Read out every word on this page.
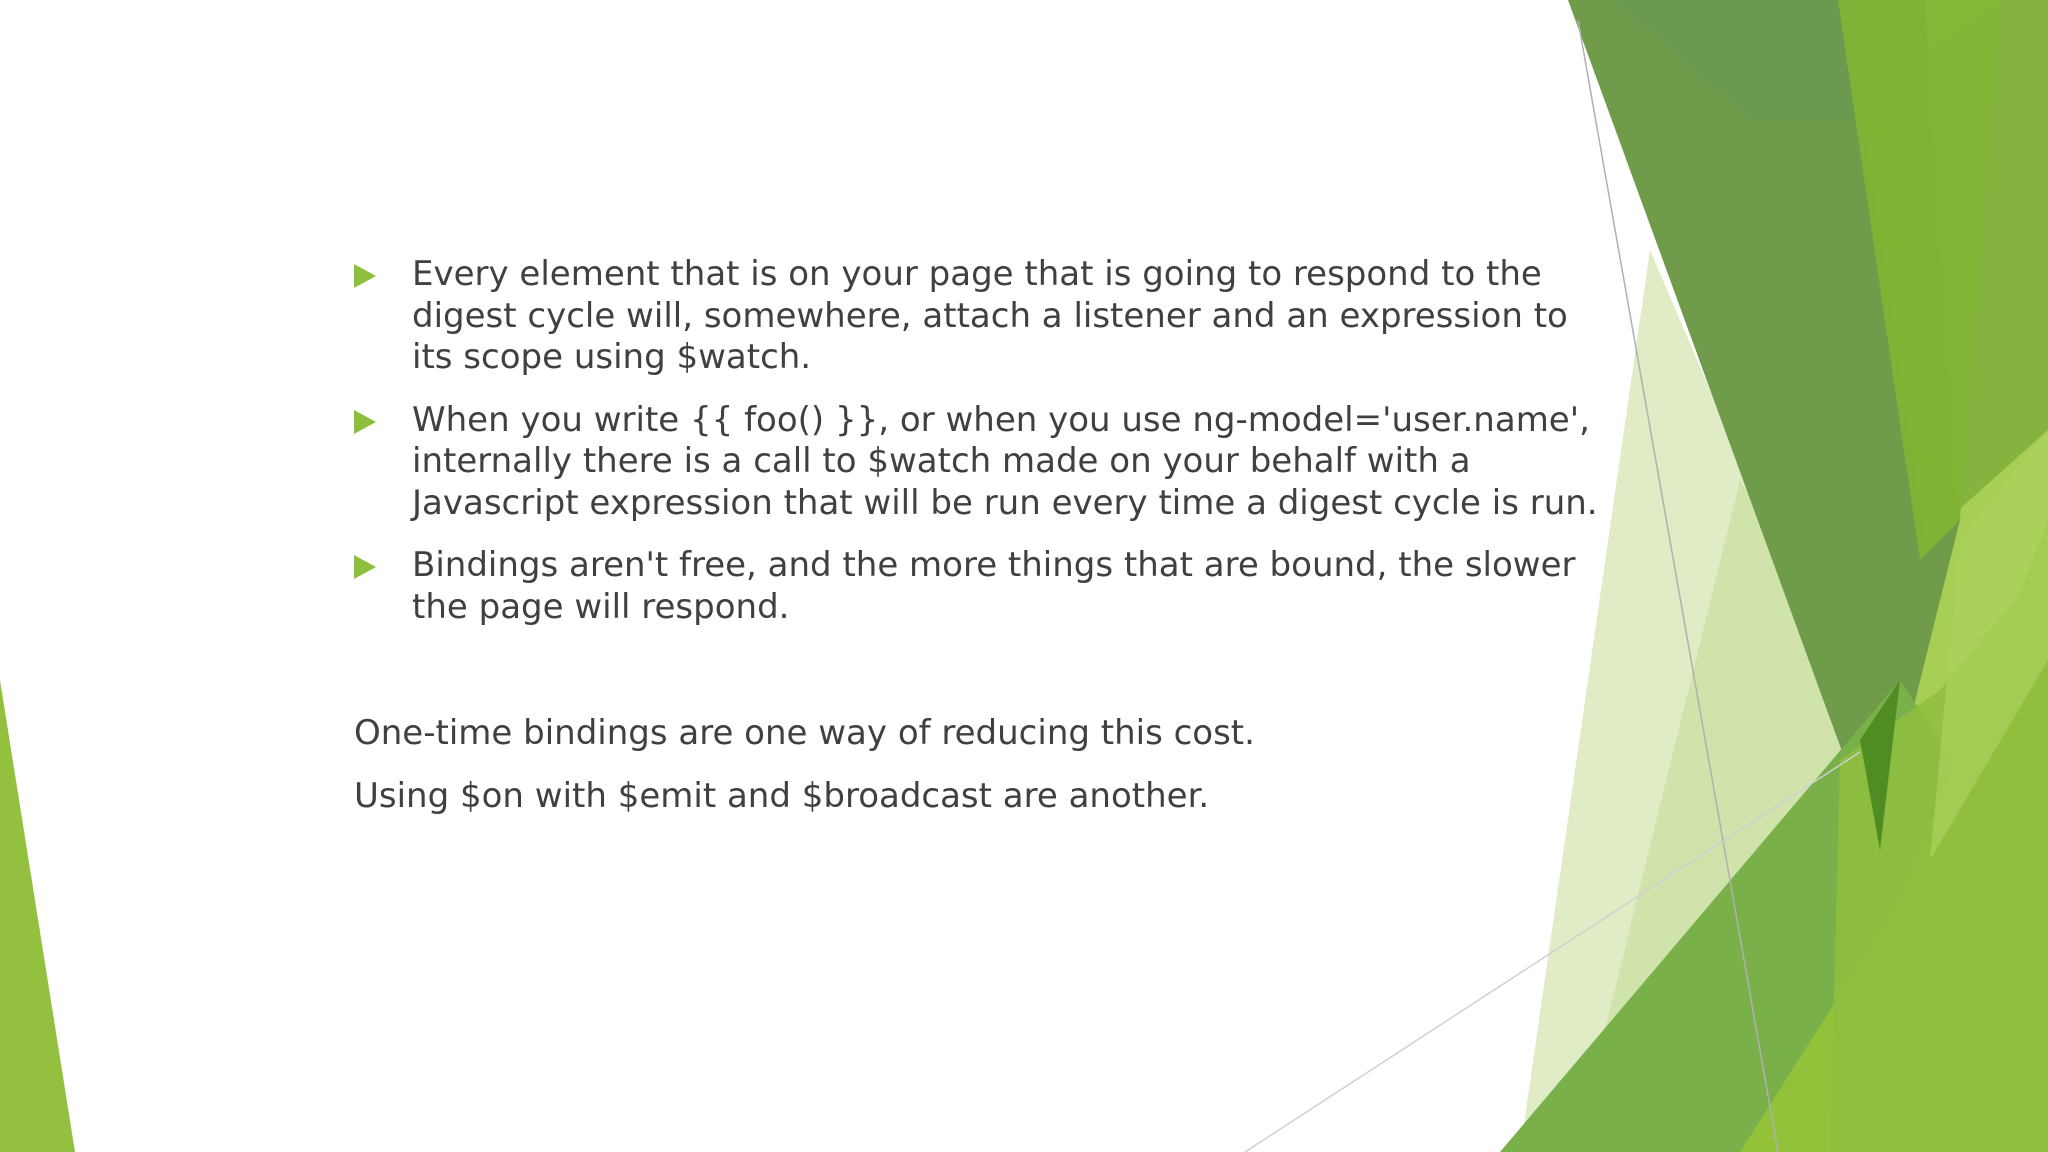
Every element that is on your page that is going to respond to the digest cycle will, somewhere, attach a listener and an expression to its scope using $watch.
When you write {{ foo() }}, or when you use ng-model='user.name', internally there is a call to $watch made on your behalf with a Javascript expression that will be run every time a digest cycle is run.
Bindings aren't free, and the more things that are bound, the slower the page will respond.

One-time bindings are one way of reducing this cost.

Using $on with $emit and $broadcast are another.
